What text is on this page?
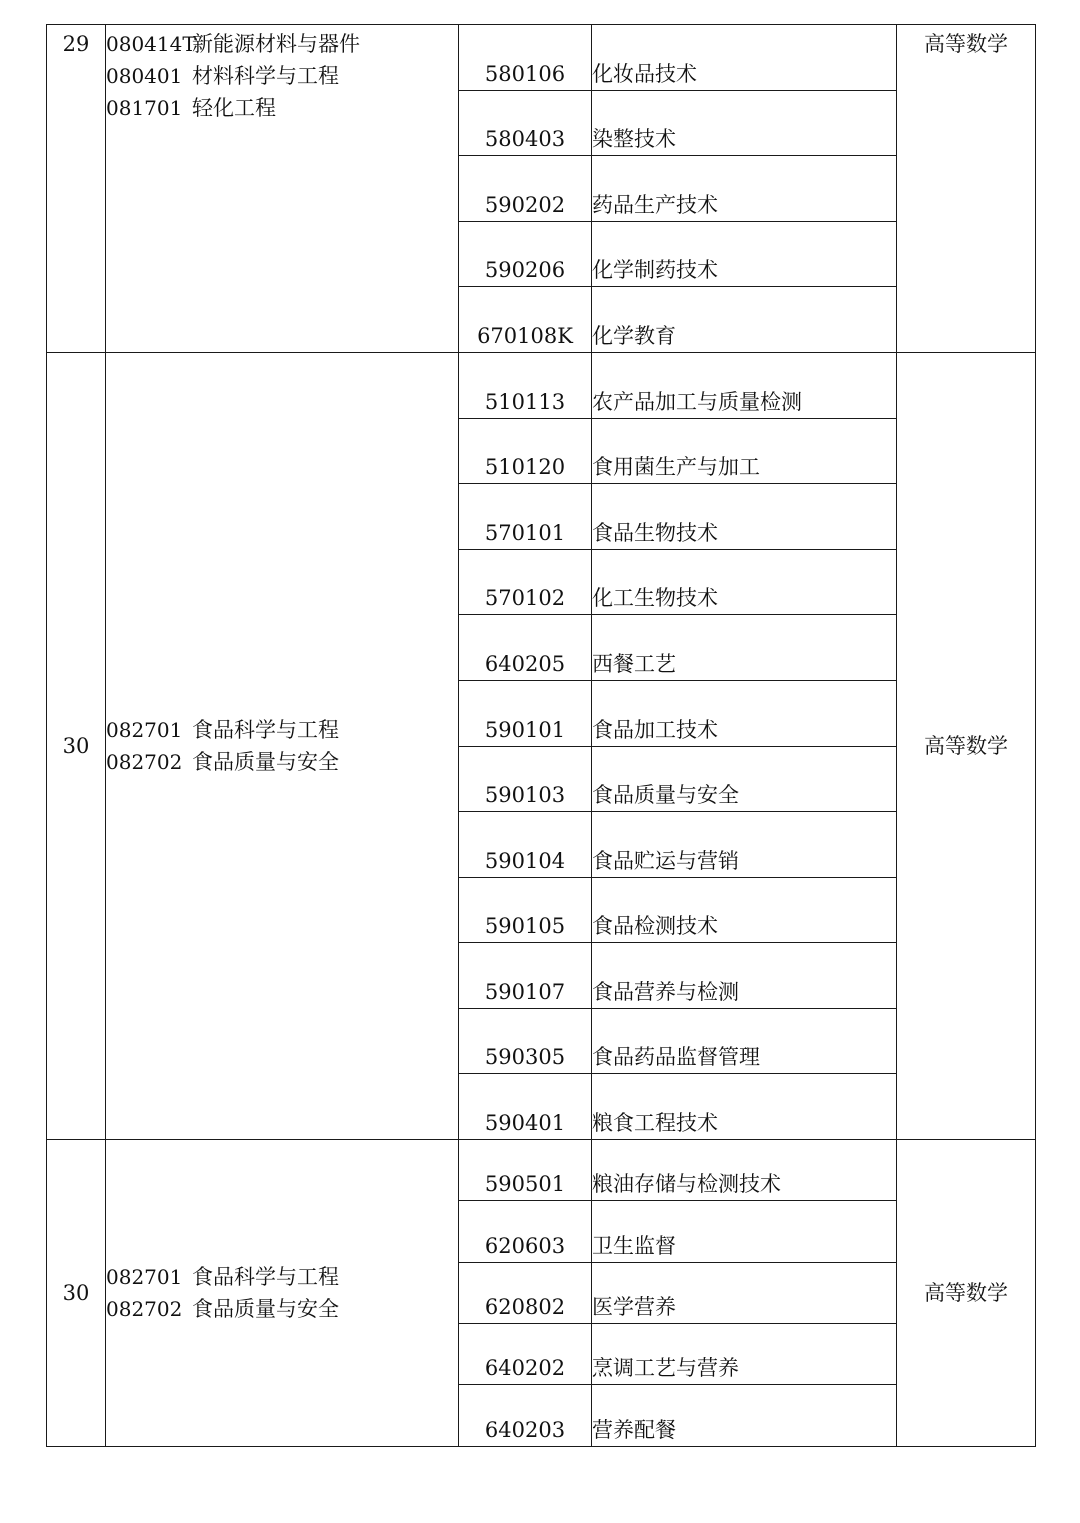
29	080414T新能源材料与器件
080401 材料科学与工程
081701 轻化工程	580106	化妆品技术	高等数学
		580403	染整技术	
		590202	药品生产技术	
		590206	化学制药技术	
		670108K	化学教育	
30	082701 食品科学与工程
082702 食品质量与安全	510113	农产品加工与质量检测	高等数学
		510120	食用菌生产与加工	
		570101	食品生物技术	
		570102	化工生物技术	
		640205	西餐工艺	
		590101	食品加工技术	
		590103	食品质量与安全	
		590104	食品贮运与营销	
		590105	食品检测技术	
		590107	食品营养与检测	
		590305	食品药品监督管理	
		590401	粮食工程技术	
30	082701 食品科学与工程
082702 食品质量与安全	590501	粮油存储与检测技术	高等数学
		620603	卫生监督	
		620802	医学营养	
		640202	烹调工艺与营养	
		640203	营养配餐	
